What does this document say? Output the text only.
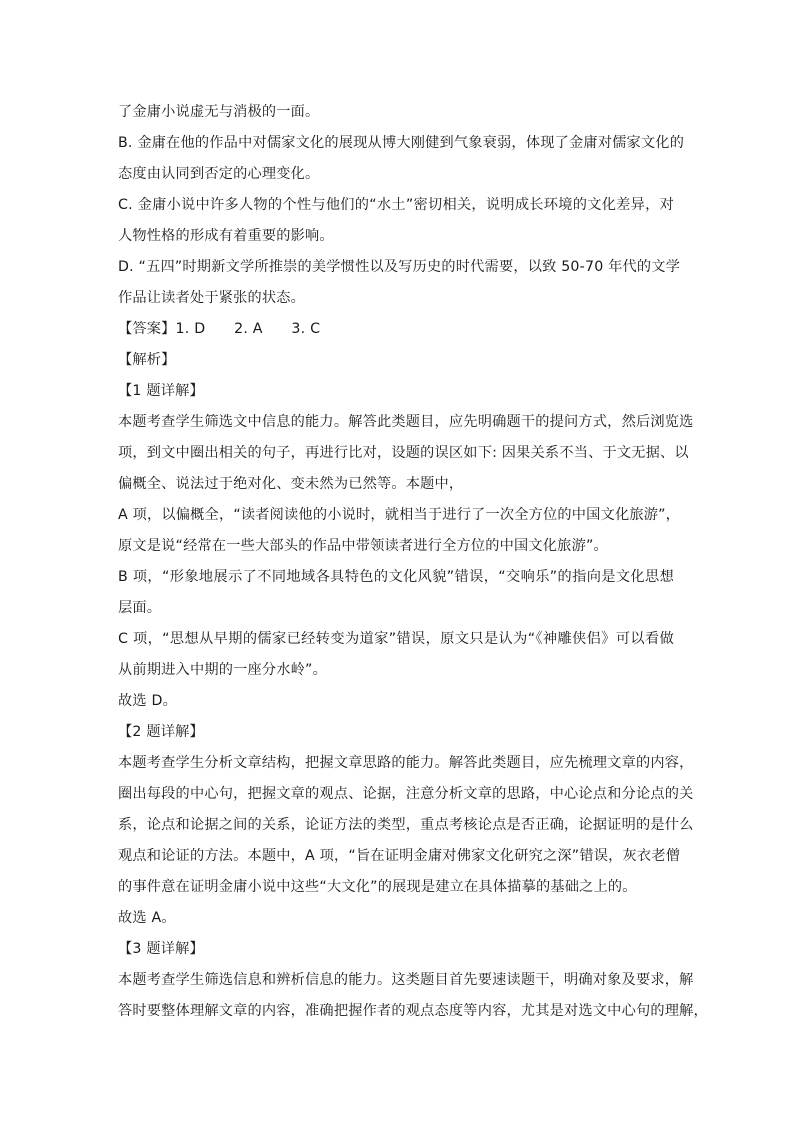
了金庸小说虚无与消极的一面。
B. 金庸在他的作品中对儒家文化的展现从博大刚健到气象衰弱，体现了金庸对儒家文化的
态度由认同到否定的心理变化。
C. 金庸小说中许多人物的个性与他们的“水土”密切相关，说明成长环境的文化差异，对
人物性格的形成有着重要的影响。
D. “五四”时期新文学所推崇的美学惯性以及写历史的时代需要，以致 50-70 年代的文学
作品让读者处于紧张的状态。
【答案】1. D　　2. A　　3. C
【解析】
【1 题详解】
本题考查学生筛选文中信息的能力。解答此类题目，应先明确题干的提问方式，然后浏览选
项，到文中圈出相关的句子，再进行比对，设题的误区如下: 因果关系不当、于文无据、以
偏概全、说法过于绝对化、变未然为已然等。本题中，
A 项，以偏概全，“读者阅读他的小说时，就相当于进行了一次全方位的中国文化旅游”，
原文是说“经常在一些大部头的作品中带领读者进行全方位的中国文化旅游”。
B 项，“形象地展示了不同地域各具特色的文化风貌”错误，“交响乐”的指向是文化思想
层面。
C 项，“思想从早期的儒家已经转变为道家”错误，原文只是认为“《神雕侠侣》可以看做
从前期进入中期的一座分水岭”。
故选 D。
【2 题详解】
本题考查学生分析文章结构，把握文章思路的能力。解答此类题目，应先梳理文章的内容，
圈出每段的中心句，把握文章的观点、论据，注意分析文章的思路，中心论点和分论点的关
系，论点和论据之间的关系，论证方法的类型，重点考核论点是否正确，论据证明的是什么
观点和论证的方法。本题中，A 项，“旨在证明金庸对佛家文化研究之深”错误，灰衣老僧
的事件意在证明金庸小说中这些“大文化”的展现是建立在具体描摹的基础之上的。
故选 A。
【3 题详解】
本题考查学生筛选信息和辨析信息的能力。这类题目首先要速读题干，明确对象及要求，解
答时要整体理解文章的内容，准确把握作者的观点态度等内容，尤其是对选文中心句的理解，
